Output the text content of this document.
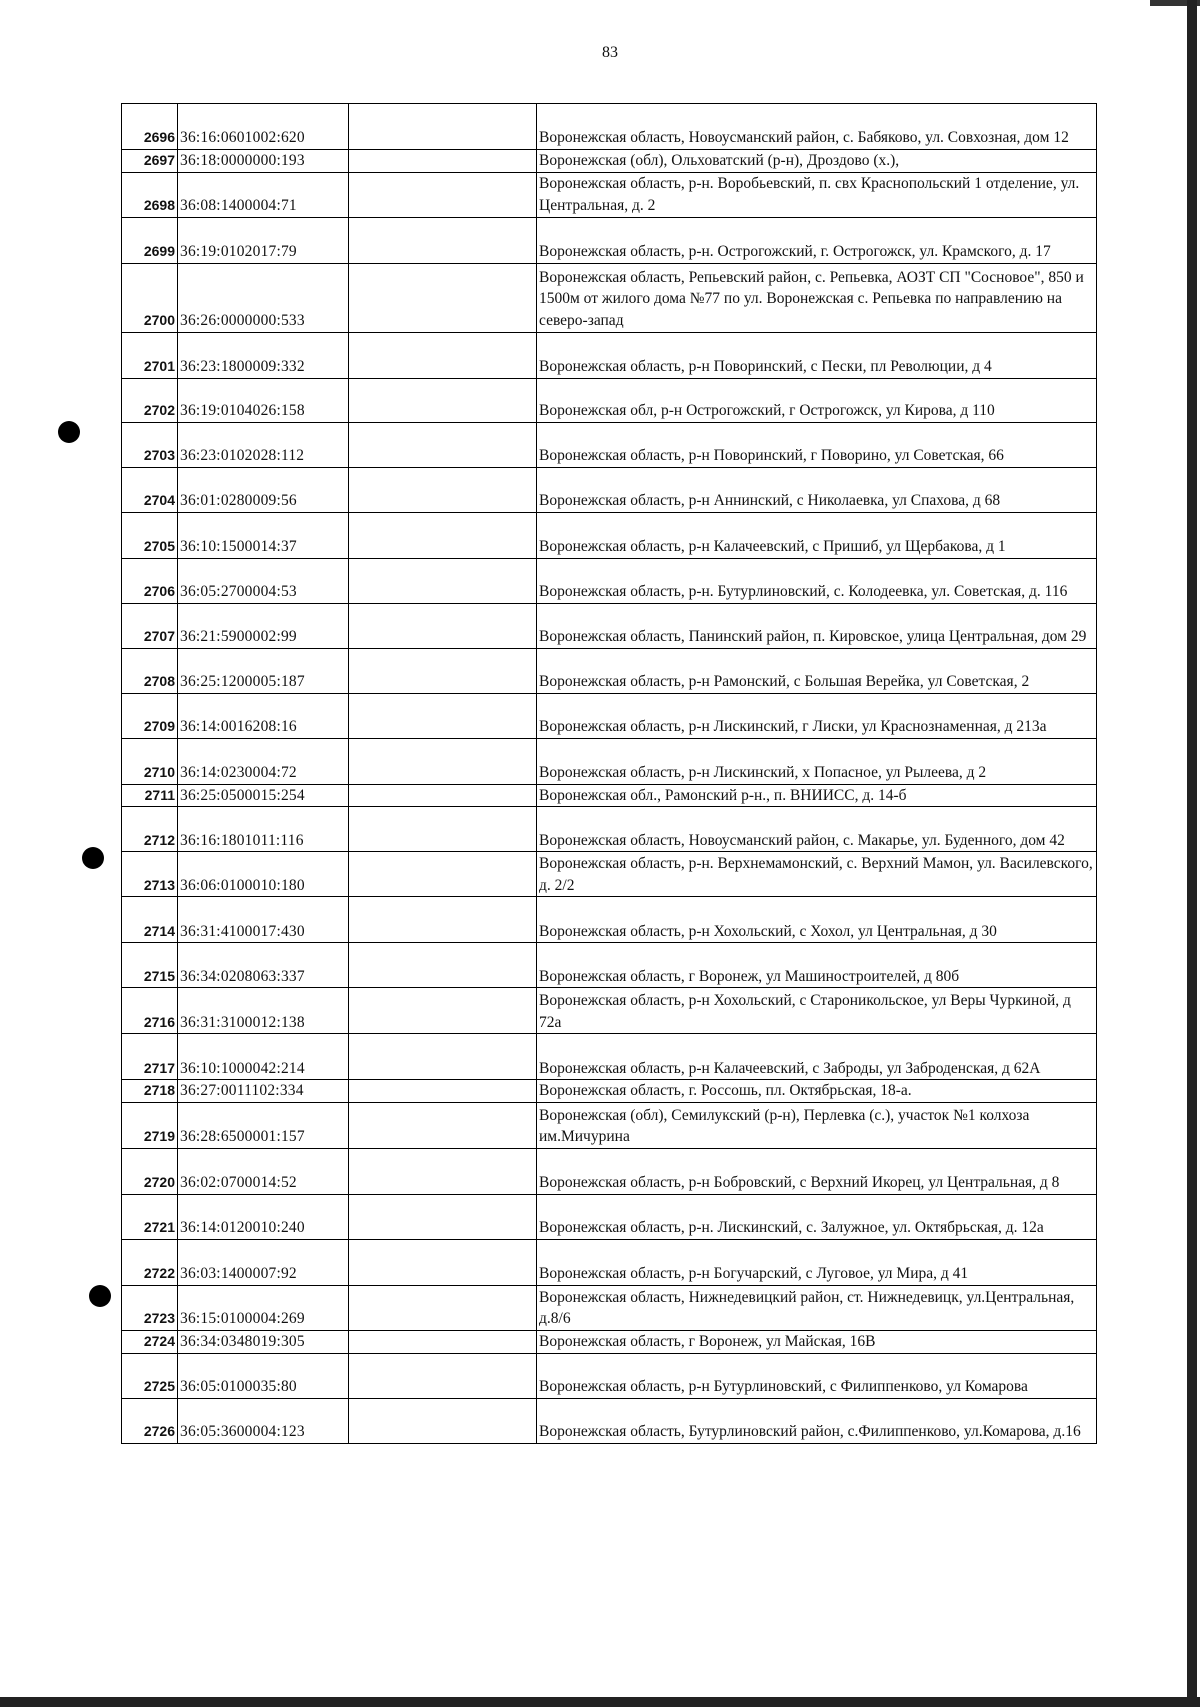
83
2696	36:16:0601002:620		Воронежская область, Новоусманский район, с. Бабяково, ул. Совхозная, дом 12
2697	36:18:0000000:193		Воронежская (обл), Ольховатский (р-н), Дроздово (х.),
2698	36:08:1400004:71		Воронежская область, р-н. Воробьевский, п. свх Краснопольский 1 отделение, ул. Центральная, д. 2
2699	36:19:0102017:79		Воронежская область, р-н. Острогожский, г. Острогожск, ул. Крамского, д. 17
2700	36:26:0000000:533		Воронежская область, Репьевский район, с. Репьевка, АОЗТ СП "Сосновое", 850 и 1500м от жилого дома №77 по ул. Воронежская с. Репьевка по направлению на северо-запад
2701	36:23:1800009:332		Воронежская область, р-н Поворинский, с Пески, пл Революции, д 4
2702	36:19:0104026:158		Воронежская обл, р-н Острогожский, г Острогожск, ул Кирова, д 110
2703	36:23:0102028:112		Воронежская область, р-н Поворинский, г Поворино, ул Советская, 66
2704	36:01:0280009:56		Воронежская область, р-н Аннинский, с Николаевка, ул Спахова, д 68
2705	36:10:1500014:37		Воронежская область, р-н Калачеевский, с Пришиб, ул Щербакова, д 1
2706	36:05:2700004:53		Воронежская область, р-н. Бутурлиновский, с. Колодеевка, ул. Советская, д. 116
2707	36:21:5900002:99		Воронежская область, Панинский район, п. Кировское, улица Центральная, дом 29
2708	36:25:1200005:187		Воронежская область, р-н Рамонский, с Большая Верейка, ул Советская, 2
2709	36:14:0016208:16		Воронежская область, р-н Лискинский, г Лиски, ул Краснознаменная, д 213а
2710	36:14:0230004:72		Воронежская область, р-н Лискинский, х Попасное, ул Рылеева, д 2
2711	36:25:0500015:254		Воронежская обл., Рамонский р-н., п. ВНИИСС, д. 14-б
2712	36:16:1801011:116		Воронежская область, Новоусманский район, с. Макарье, ул. Буденного, дом 42
2713	36:06:0100010:180		Воронежская область, р-н. Верхнемамонский, с. Верхний Мамон, ул. Василевского, д. 2/2
2714	36:31:4100017:430		Воронежская область, р-н Хохольский, с Хохол, ул Центральная, д 30
2715	36:34:0208063:337		Воронежская область, г Воронеж, ул Машиностроителей, д 80б
2716	36:31:3100012:138		Воронежская область, р-н Хохольский, с Староникольское, ул Веры Чуркиной, д 72а
2717	36:10:1000042:214		Воронежская область, р-н Калачеевский, с Заброды, ул Заброденская, д 62А
2718	36:27:0011102:334		Воронежская область, г. Россошь, пл. Октябрьская, 18-а.
2719	36:28:6500001:157		Воронежская (обл), Семилукский (р-н), Перлевка (с.), участок №1 колхоза им.Мичурина
2720	36:02:0700014:52		Воронежская область, р-н Бобровский, с Верхний Икорец, ул Центральная, д 8
2721	36:14:0120010:240		Воронежская область, р-н. Лискинский, с. Залужное, ул. Октябрьская, д. 12а
2722	36:03:1400007:92		Воронежская область, р-н Богучарский, с Луговое, ул Мира, д 41
2723	36:15:0100004:269		Воронежская область, Нижнедевицкий район, ст. Нижнедевицк, ул.Центральная, д.8/6
2724	36:34:0348019:305		Воронежская область, г Воронеж, ул Майская, 16В
2725	36:05:0100035:80		Воронежская область, р-н Бутурлиновский, с Филиппенково, ул Комарова
2726	36:05:3600004:123		Воронежская область, Бутурлиновский район, с.Филиппенково, ул.Комарова, д.16
